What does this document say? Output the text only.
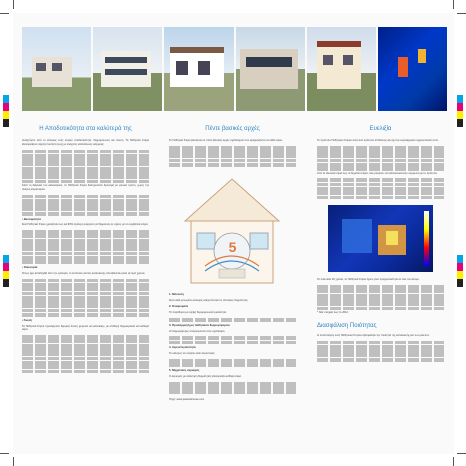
Η Αποδοτικότητα στα καλύτερά της

Αναζητήστε από το κέλυφος ενός κτιρίου αποδοτικότητα, θερμομόνωση και άνεση. Τα Παθητικά Κτίρια εξασφαλίζουν υψηλή ποιότητα ζωής με ελάχιστη κατανάλωση ενέργειας.

Κατά τη διάρκεια του καλοκαιριού, τα Παθητικά Κτίρια διατηρούνται δροσερά με φυσικό τρόπο, χωρίς την ανάγκη κλιματισμού.

• Βιωσιμότητα

Ένα Παθητικό Κτίριο χρειάζεται έως και 90% λιγότερη ενέργεια για θέρμανση σε σχέση με τα συμβατικά κτίρια.

• Οικονομία

Όπως έχει αποδειχθεί από την εμπειρία, το επιπλέον κόστος κατασκευής αποσβένεται μέσα σε λίγα χρόνια.

• Άνεση

Τα Παθητικά Κτίρια προσφέρουν θερμική άνεση χειμώνα και καλοκαίρι, με σταθερή θερμοκρασία και καθαρό αέρα.

Πέντε βασικές αρχές

Το Παθητικό Κτίριο βασίζεται σε πέντε βασικές αρχές σχεδιασμού που εφαρμόζονται σε κάθε κτίριο.

5
1. Μόνωση

Ένα καλά μονωμένο κέλυφος ελαχιστοποιεί τις απώλειες θερμότητας.

2. Κουφώματα

Τα παράθυρα με υψηλή θερμομονωτική ικανότητα.

3. Προσαρμογή μη παθητικών θερμογεφυρών

Οι θερμογέφυρες αποφεύγονται στον σχεδιασμό.

4. Αεροστεγανότητα

Το κέλυφος του κτιρίου είναι αεροστεγές.

5. Μηχανικός αερισμός

Ο αερισμός με ανάκτηση θερμότητας εξασφαλίζει καθαρό αέρα.

Πηγή: www.passivehouse.com

Ευελιξία

Το πρότυπο Παθητικού Κτιρίου είναι ένα πρότυπο απόδοσης και όχι ένα συγκεκριμένο αρχιτεκτονικό στυλ.

Από τα ιδιωτικά κτίρια έως τα δημόσια κτίρια, όλα μπορούν να κατασκευαστούν σύμφωνα με το πρότυπο.

Τα τελευταία 20 χρόνια, τα Παθητικά Κτίρια έχουν γίνει πραγματικότητα σε όλο τον κόσμο.

* Νέα στοιχεία έως το 2012

Διασφάλιση Ποιότητας

Η πιστοποίηση ενός Παθητικού Κτιρίου εξασφαλίζει την ποιότητα της κατασκευής και των μελετών.
